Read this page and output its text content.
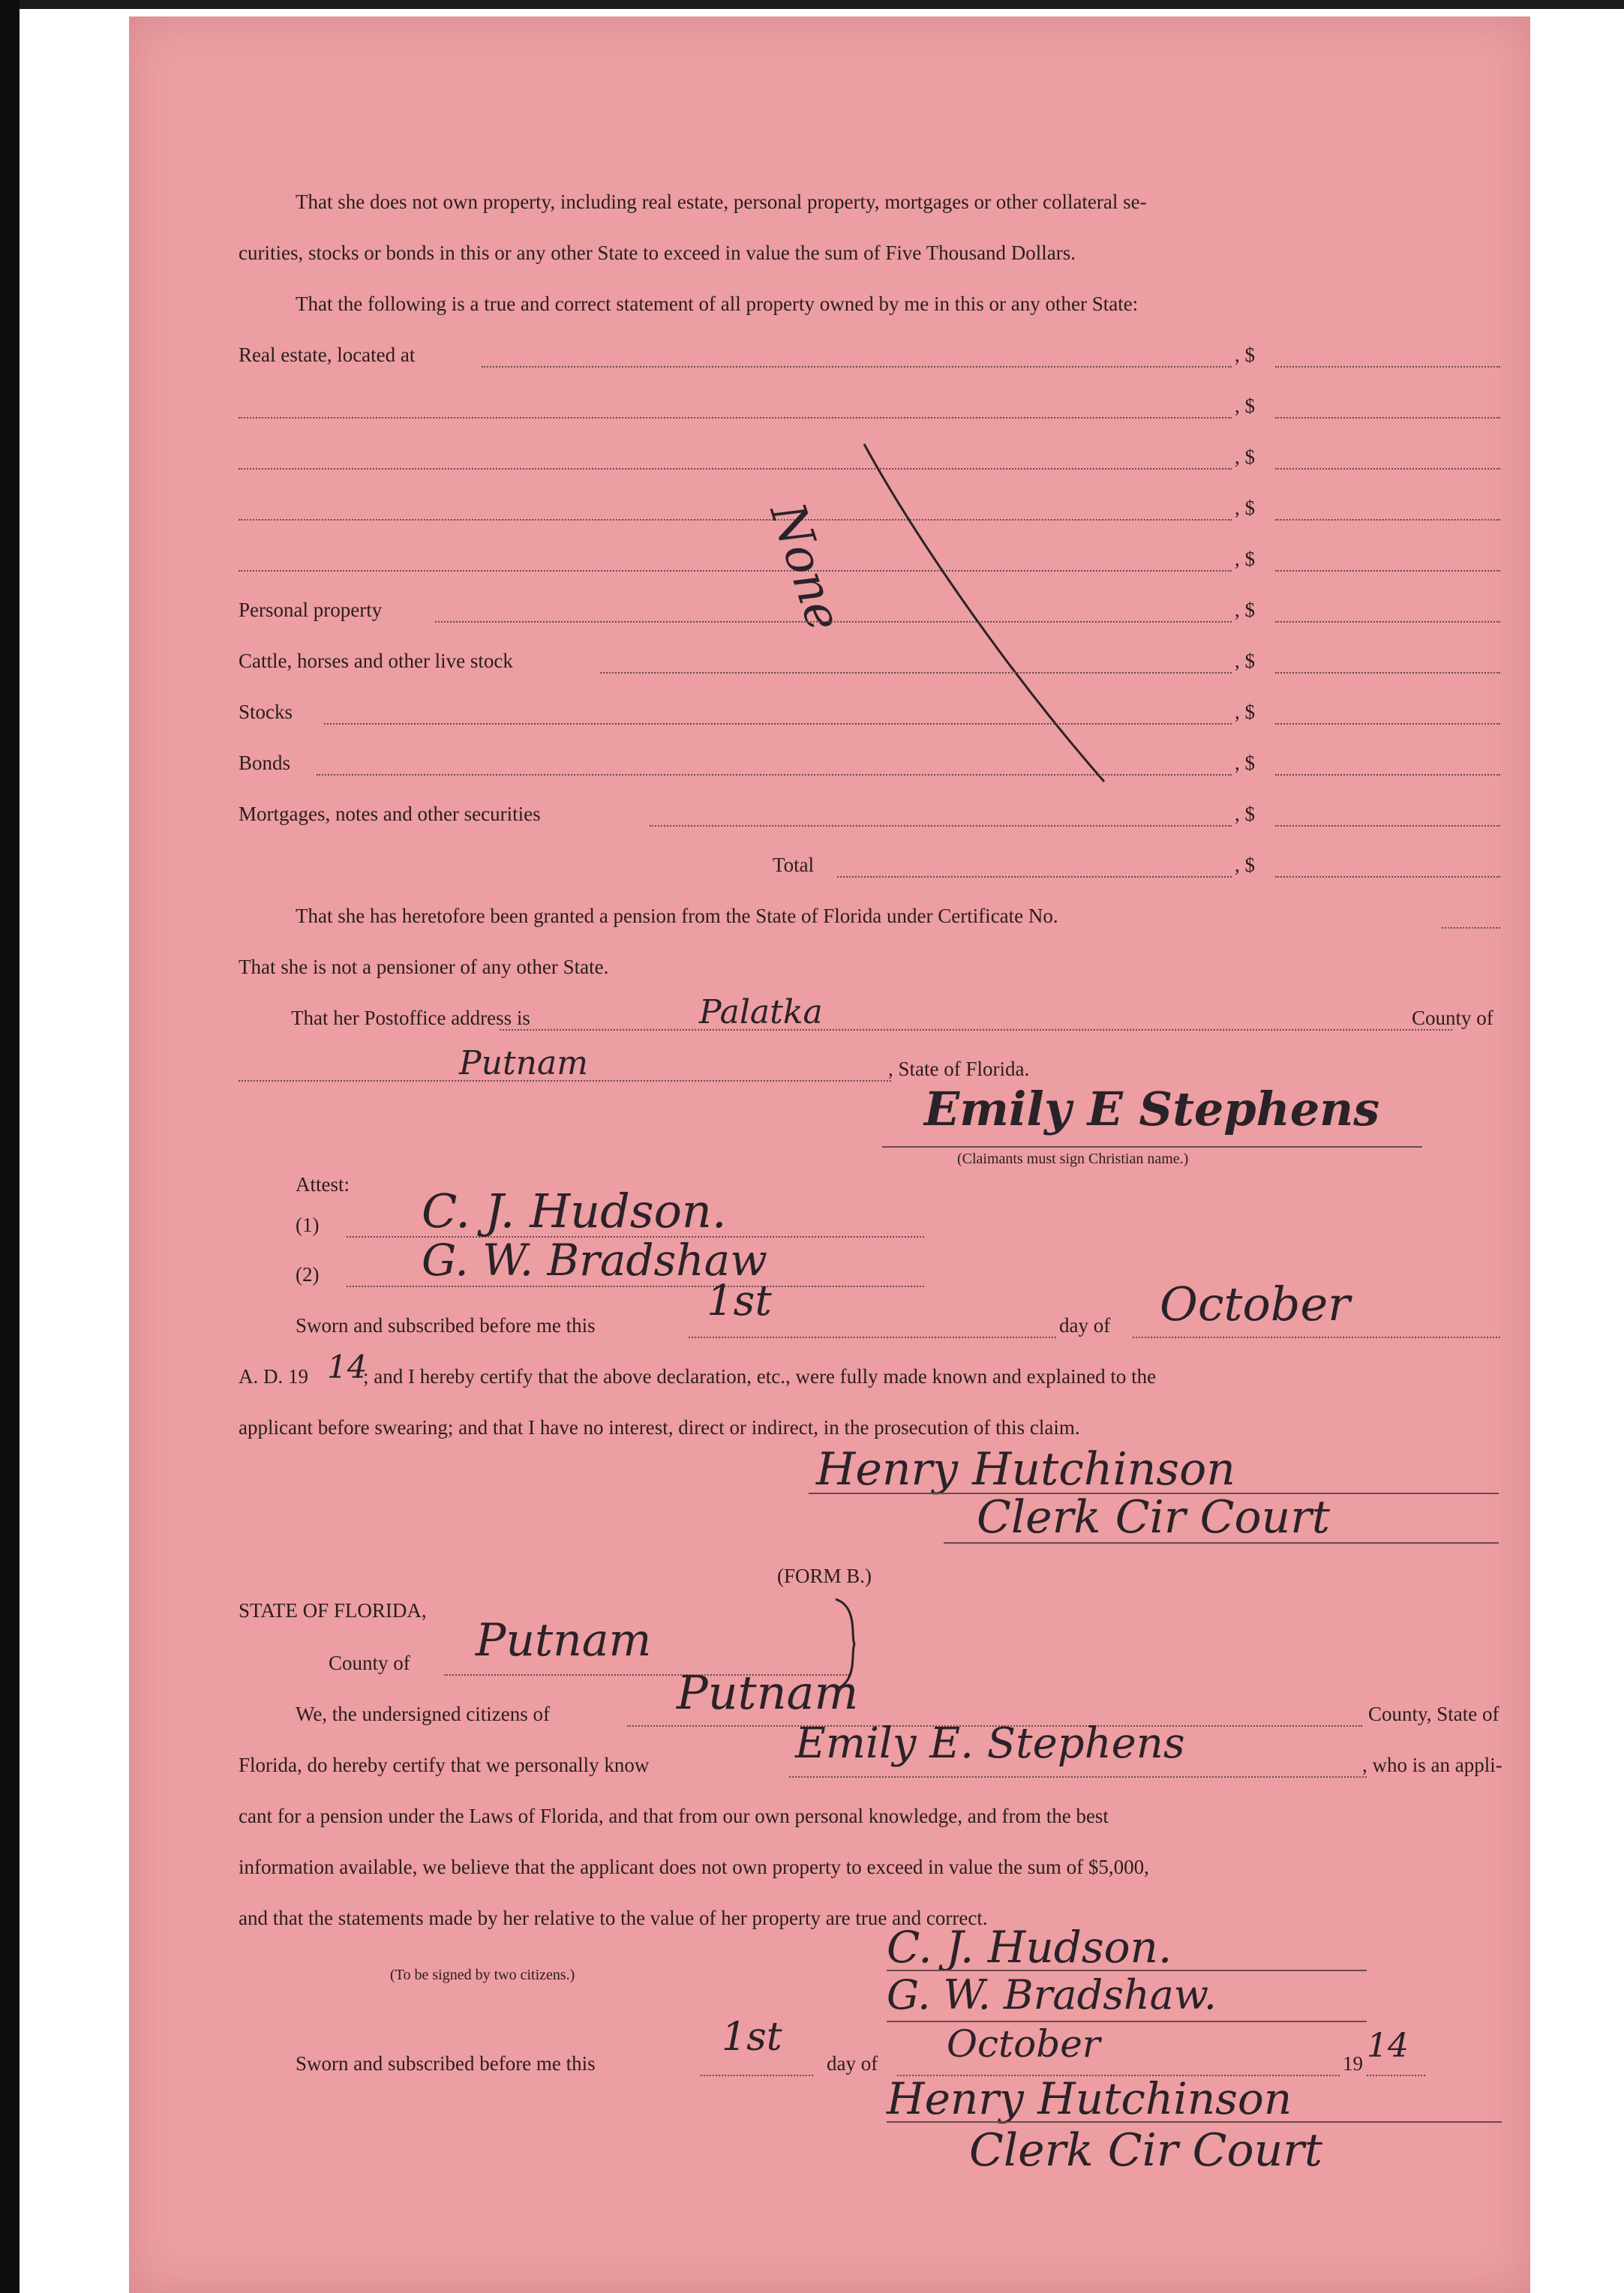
That she does not own property, including real estate, personal property, mortgages or other collateral se-
curities, stocks or bonds in this or any other State to exceed in value the sum of Five Thousand Dollars.
That the following is a true and correct statement of all property owned by me in this or any other State:
Real estate, located at	, $
, $
, $
, $
, $
None
Personal property	, $
Cattle, horses and other live stock	, $
Stocks	, $
Bonds	, $
Mortgages, notes and other securities	, $
Total	, $
That she has heretofore been granted a pension from the State of Florida under Certificate No.
That she is not a pensioner of any other State.
That her Postoffice address is	Palatka	County of
Putnam	, State of Florida.
Emily E Stephens
(Claimants must sign Christian name.)
Attest:
(1) C. J. Hudson.
(2) G. W. Bradshaw
Sworn and subscribed before me this	1st	day of October
A. D. 19 14
; and I hereby certify that the above declaration, etc., were fully made known and explained to the
applicant before swearing; and that I have no interest, direct or indirect, in the prosecution of this claim.
Henry Hutchinson
Clerk Cir Court
(FORM B.)
STATE OF FLORIDA,
County of Putnam
We, the undersigned citizens of	Putnam	County, State of
Florida, do hereby certify that we personally know	Emily E. Stephens	, who is an appli-
cant for a pension under the Laws of Florida, and that from our own personal knowledge, and from the best
information available, we believe that the applicant does not own property to exceed in value the sum of $5,000,
and that the statements made by her relative to the value of her property are true and correct.
C. J. Hudson.
(To be signed by two citizens.)	G. W. Bradshaw.
Sworn and subscribed before me this
1st
day of October	19 14
Henry Hutchinson
Clerk Cir Court
